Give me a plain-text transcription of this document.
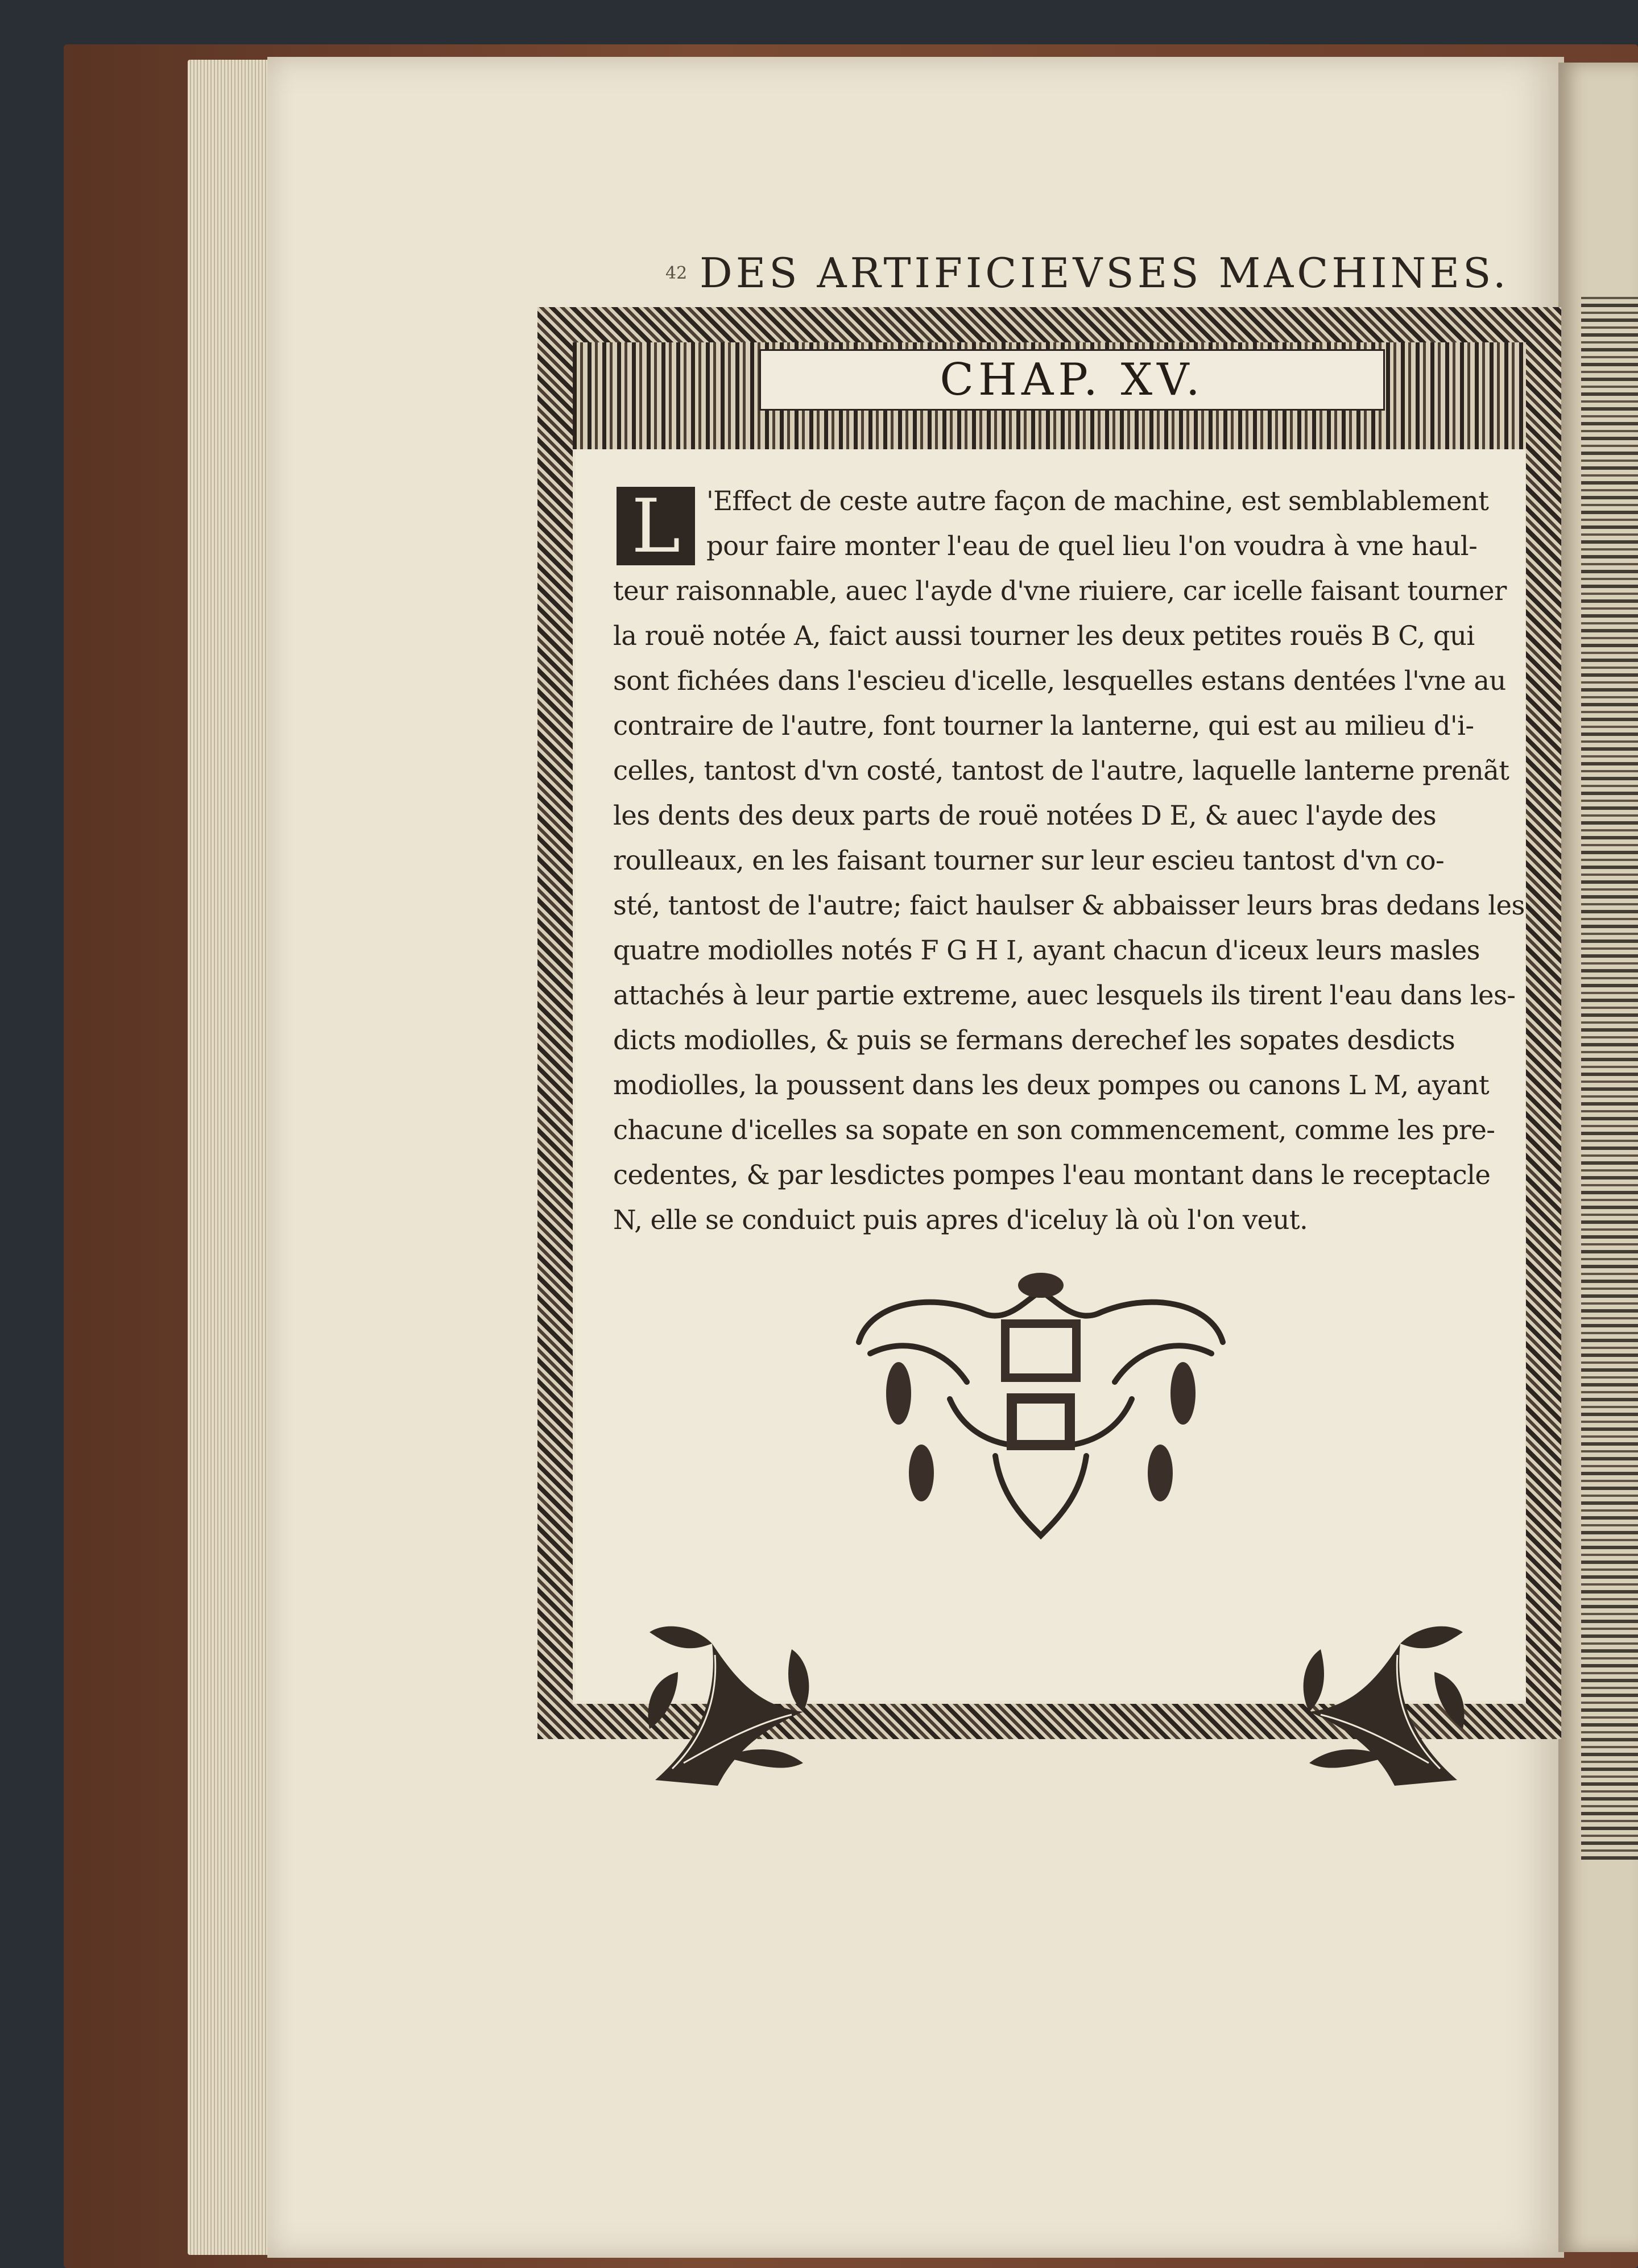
42 DES ARTIFICIEVSES MACHINES.
CHAP. XV.
L 'Effect de ceste autre façon de machine, est semblablement
pour faire monter l'eau de quel lieu l'on voudra à vne haul-
teur raisonnable, auec l'ayde d'vne riuiere, car icelle faisant tourner
la rouë notée A, faict aussi tourner les deux petites rouës B C, qui
sont fichées dans l'escieu d'icelle, lesquelles estans dentées l'vne au
contraire de l'autre, font tourner la lanterne, qui est au milieu d'i-
celles, tantost d'vn costé, tantost de l'autre, laquelle lanterne prenãt
les dents des deux parts de rouë notées D E, & auec l'ayde des
roulleaux, en les faisant tourner sur leur escieu tantost d'vn co-
sté, tantost de l'autre; faict haulser & abbaisser leurs bras dedans les
quatre modiolles notés F G H I, ayant chacun d'iceux leurs masles
attachés à leur partie extreme, auec lesquels ils tirent l'eau dans les-
dicts modiolles, & puis se fermans derechef les sopates desdicts
modiolles, la poussent dans les deux pompes ou canons L M, ayant
chacune d'icelles sa sopate en son commencement, comme les pre-
cedentes, & par lesdictes pompes l'eau montant dans le receptacle
N, elle se conduict puis apres d'iceluy là où l'on veut.
